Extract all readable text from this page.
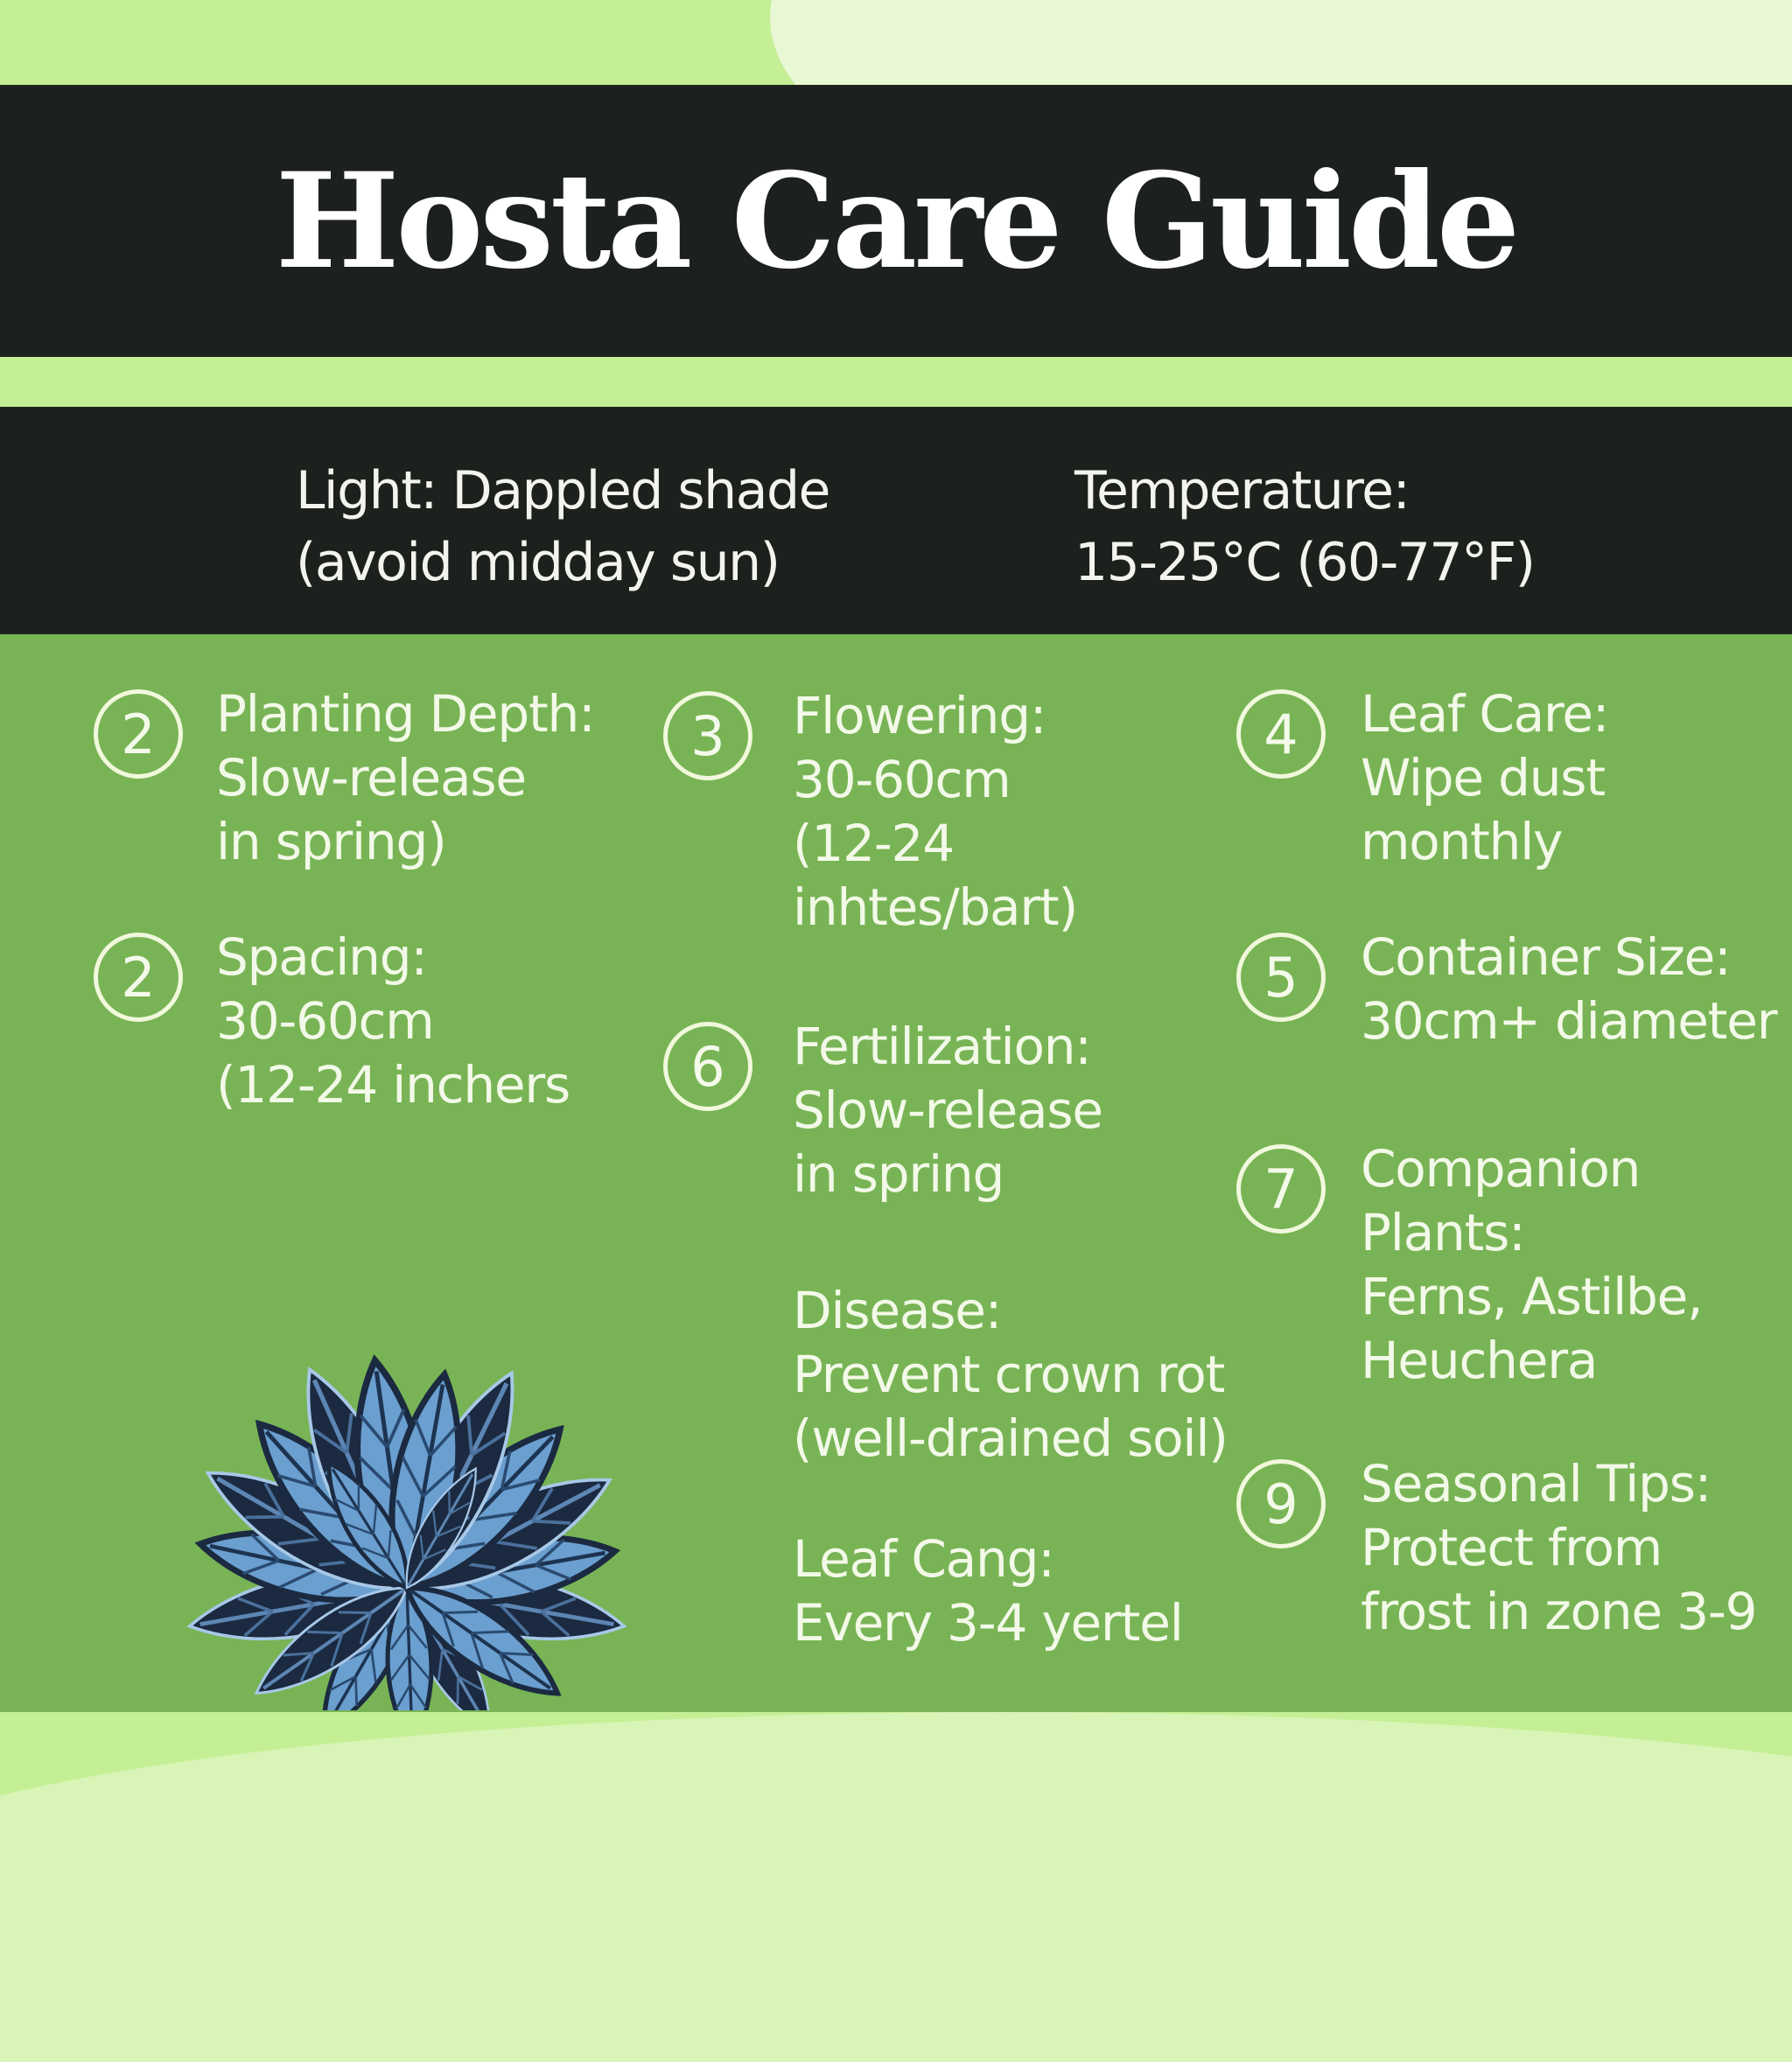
Hosta Care Guide
Light: Dappled shade
(avoid midday sun)
Temperature:
15-25°C (60-77°F)
2	Planting Depth:
Slow-release
in spring)
2	Spacing:
30-60cm
(12-24 inchers
3	Flowering:
30-60cm
(12-24
inhtes/bart)
6	Fertilization:
Slow-release
in spring
Disease:
Prevent crown rot
(well-drained soil)
Leaf Cang:
Every 3-4 yertel
4	Leaf Care:
Wipe dust
monthly
5	Container Size:
30cm+ diameter
7	Companion
Plants:
Ferns, Astilbe,
Heuchera
9	Seasonal Tips:
Protect from
frost in zone 3-9
